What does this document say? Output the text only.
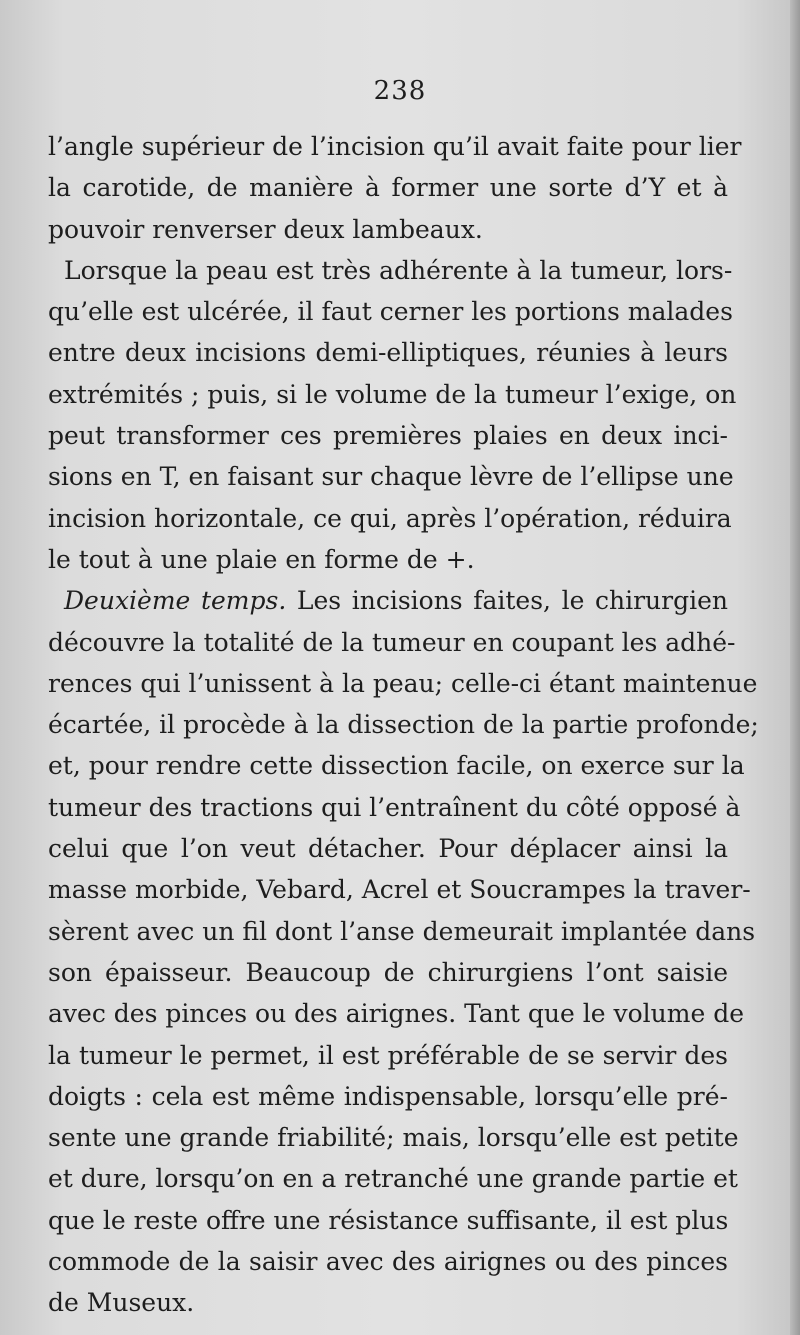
238
l’angle supérieur de l’incision qu’il avait faite pour lier
la carotide, de manière à former une sorte d’Y et à
pouvoir renverser deux lambeaux.
Lorsque la peau est très adhérente à la tumeur, lors-
qu’elle est ulcérée, il faut cerner les portions malades
entre deux incisions demi-elliptiques, réunies à leurs
extrémités ; puis, si le volume de la tumeur l’exige, on
peut transformer ces premières plaies en deux inci-
sions en T, en faisant sur chaque lèvre de l’ellipse une
incision horizontale, ce qui, après l’opération, réduira
le tout à une plaie en forme de +.
Deuxième temps. Les incisions faites, le chirurgien
découvre la totalité de la tumeur en coupant les adhé-
rences qui l’unissent à la peau; celle-ci étant maintenue
écartée, il procède à la dissection de la partie profonde;
et, pour rendre cette dissection facile, on exerce sur la
tumeur des tractions qui l’entraînent du côté opposé à
celui que l’on veut détacher. Pour déplacer ainsi la
masse morbide, Vebard, Acrel et Soucrampes la traver-
sèrent avec un fil dont l’anse demeurait implantée dans
son épaisseur. Beaucoup de chirurgiens l’ont saisie
avec des pinces ou des airignes. Tant que le volume de
la tumeur le permet, il est préférable de se servir des
doigts : cela est même indispensable, lorsqu’elle pré-
sente une grande friabilité; mais, lorsqu’elle est petite
et dure, lorsqu’on en a retranché une grande partie et
que le reste offre une résistance suffisante, il est plus
commode de la saisir avec des airignes ou des pinces
de Museux.
